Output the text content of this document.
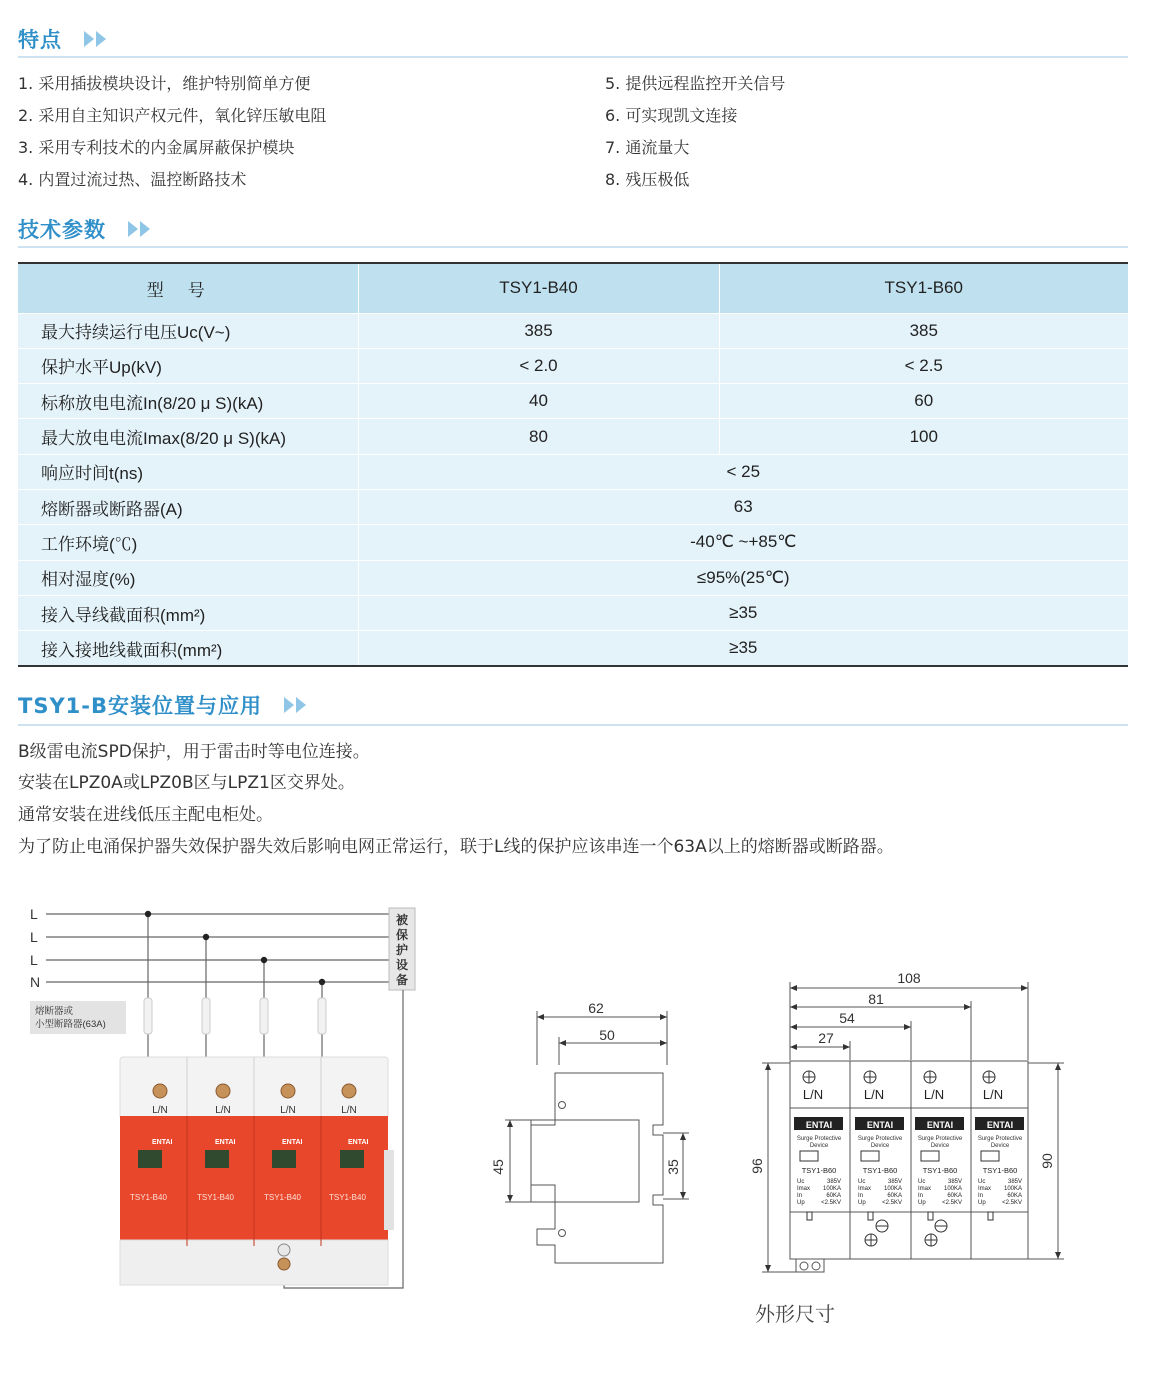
特点
1. 采用插拔模块设计，维护特别简单方便
2. 采用自主知识产权元件，氧化锌压敏电阻
3. 采用专利技术的内金属屏蔽保护模块
4. 内置过流过热、温控断路技术
5. 提供远程监控开关信号
6. 可实现凯文连接
7. 通流量大
8. 残压极低
技术参数
型号	TSY1-B40	TSY1-B60
最大持续运行电压Uc(V~)	385	385
保护水平Up(kV)	< 2.0	< 2.5
标称放电电流In(8/20 μ S)(kA)	40	60
最大放电电流Imax(8/20 μ S)(kA)	80	100
响应时间t(ns)	< 25	
熔断器或断路器(A)	63	
工作环境(℃)	-40℃ ~+85℃	
相对湿度(%)	≤95%(25℃)	
接入导线截面积(mm²)	≥35	
接入接地线截面积(mm²)	≥35	
TSY1-B安装位置与应用
B级雷电流SPD保护，用于雷击时等电位连接。
安装在LPZ0A或LPZ0B区与LPZ1区交界处。
通常安装在进线低压主配电柜处。
为了防止电涌保护器失效保护器失效后影响电网正常运行，联于L线的保护应该串连一个63A以上的熔断器或断路器。
L
L
L
N
被
保
护
设
备
熔断器或
小型断路器(63A)
L/N
ENTAI
TSY1-B40
L/N
ENTAI
TSY1-B40
L/N
ENTAI
TSY1-B40
L/N
ENTAI
TSY1-B40
62
50
45	35
108
81
54
27
96	90
L/N
ENTAI
Surge Protective
Device
TSY1-B60
Uc	385V
Imax 100KA
In	60KA
Up	<2.5KV
L/N
ENTAI
Surge Protective
Device
TSY1-B60
Uc	385V
Imax 100KA
In	60KA
Up	<2.5KV
L/N
ENTAI
Surge Protective
Device
TSY1-B60
Uc	385V
Imax 100KA
In	60KA
Up	<2.5KV
L/N
ENTAI
Surge Protective
Device
TSY1-B60
Uc	385V
Imax 100KA
In	60KA
Up	<2.5KV
外形尺寸
